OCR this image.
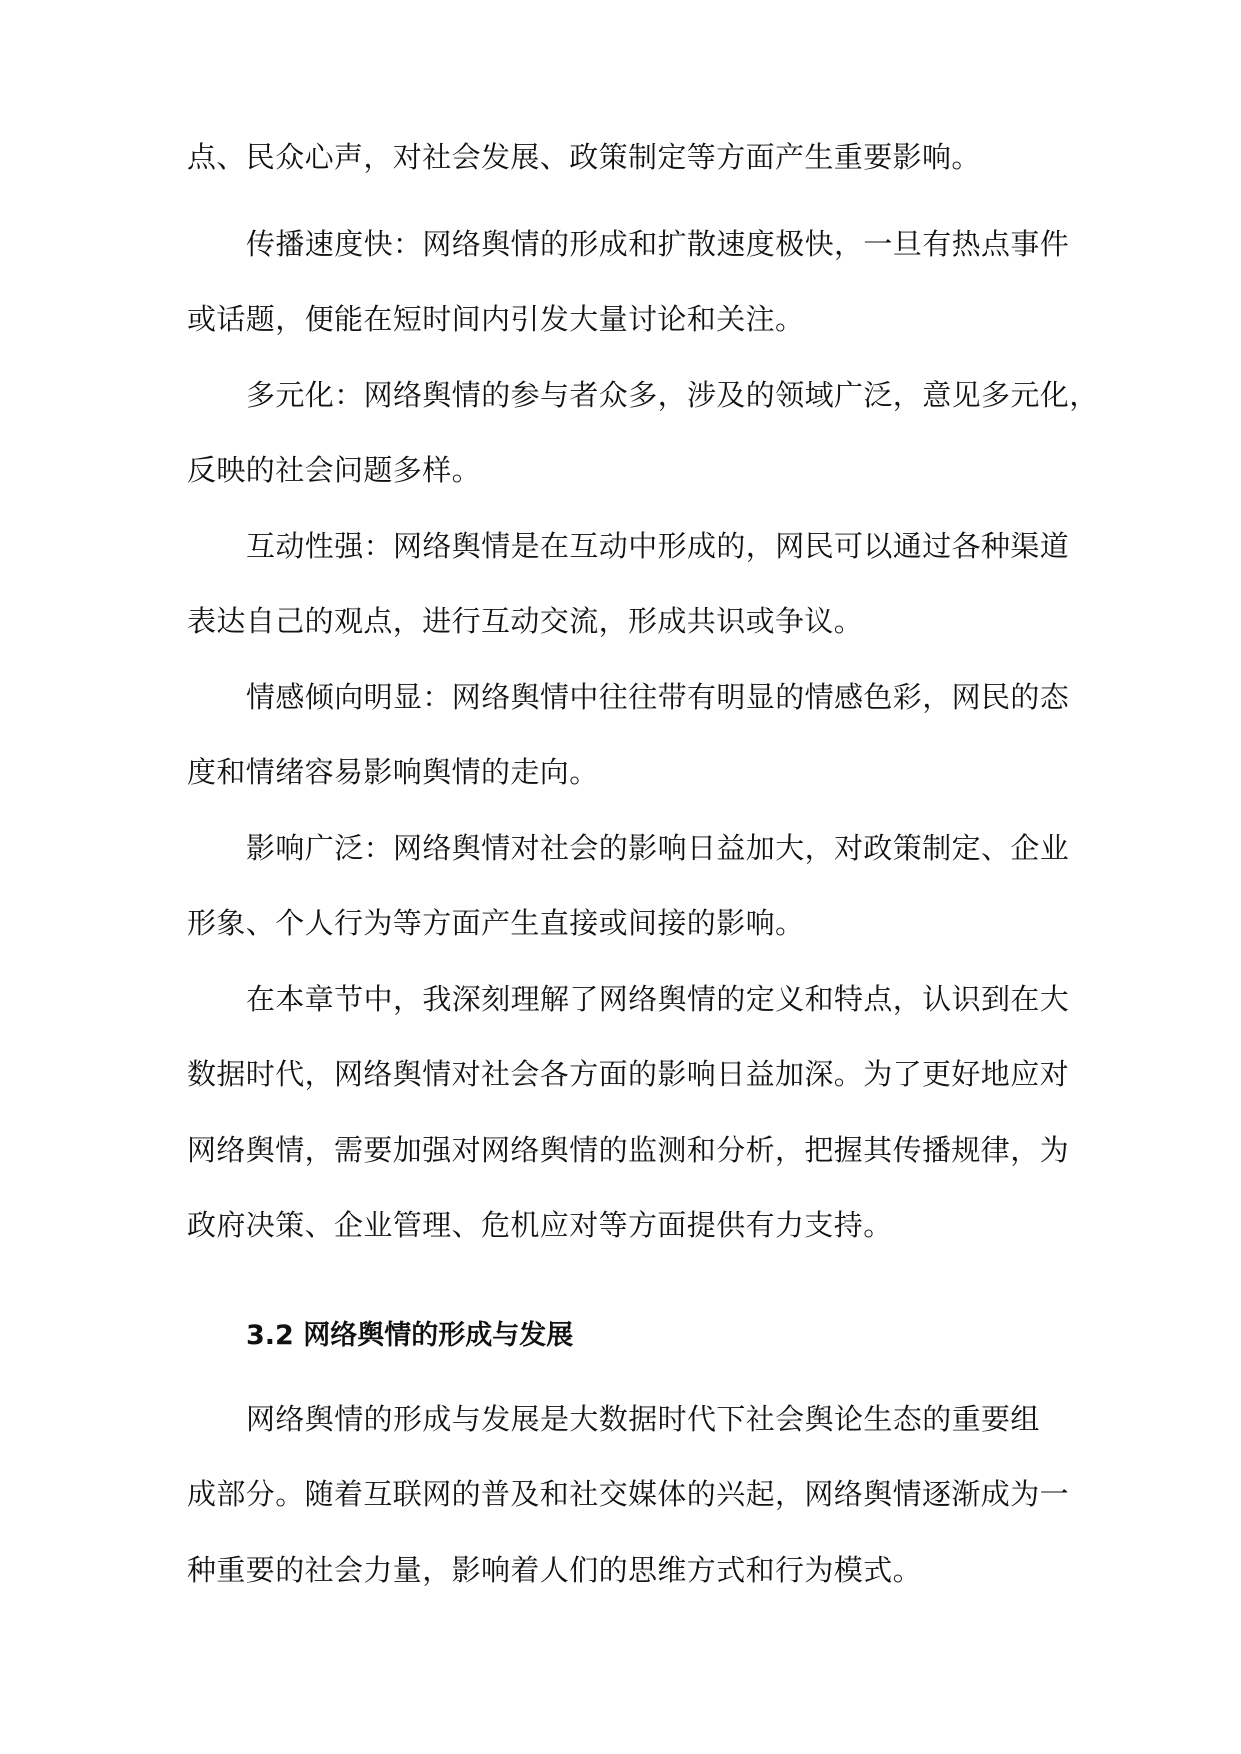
点、民众心声，对社会发展、政策制定等方面产生重要影响。
传播速度快：网络舆情的形成和扩散速度极快，一旦有热点事件
或话题，便能在短时间内引发大量讨论和关注。
多元化：网络舆情的参与者众多，涉及的领域广泛，意见多元化，
反映的社会问题多样。
互动性强：网络舆情是在互动中形成的，网民可以通过各种渠道
表达自己的观点，进行互动交流，形成共识或争议。
情感倾向明显：网络舆情中往往带有明显的情感色彩，网民的态
度和情绪容易影响舆情的走向。
影响广泛：网络舆情对社会的影响日益加大，对政策制定、企业
形象、个人行为等方面产生直接或间接的影响。
在本章节中，我深刻理解了网络舆情的定义和特点，认识到在大
数据时代，网络舆情对社会各方面的影响日益加深。为了更好地应对
网络舆情，需要加强对网络舆情的监测和分析，把握其传播规律，为
政府决策、企业管理、危机应对等方面提供有力支持。
3.2 网络舆情的形成与发展
网络舆情的形成与发展是大数据时代下社会舆论生态的重要组
成部分。随着互联网的普及和社交媒体的兴起，网络舆情逐渐成为一
种重要的社会力量，影响着人们的思维方式和行为模式。
